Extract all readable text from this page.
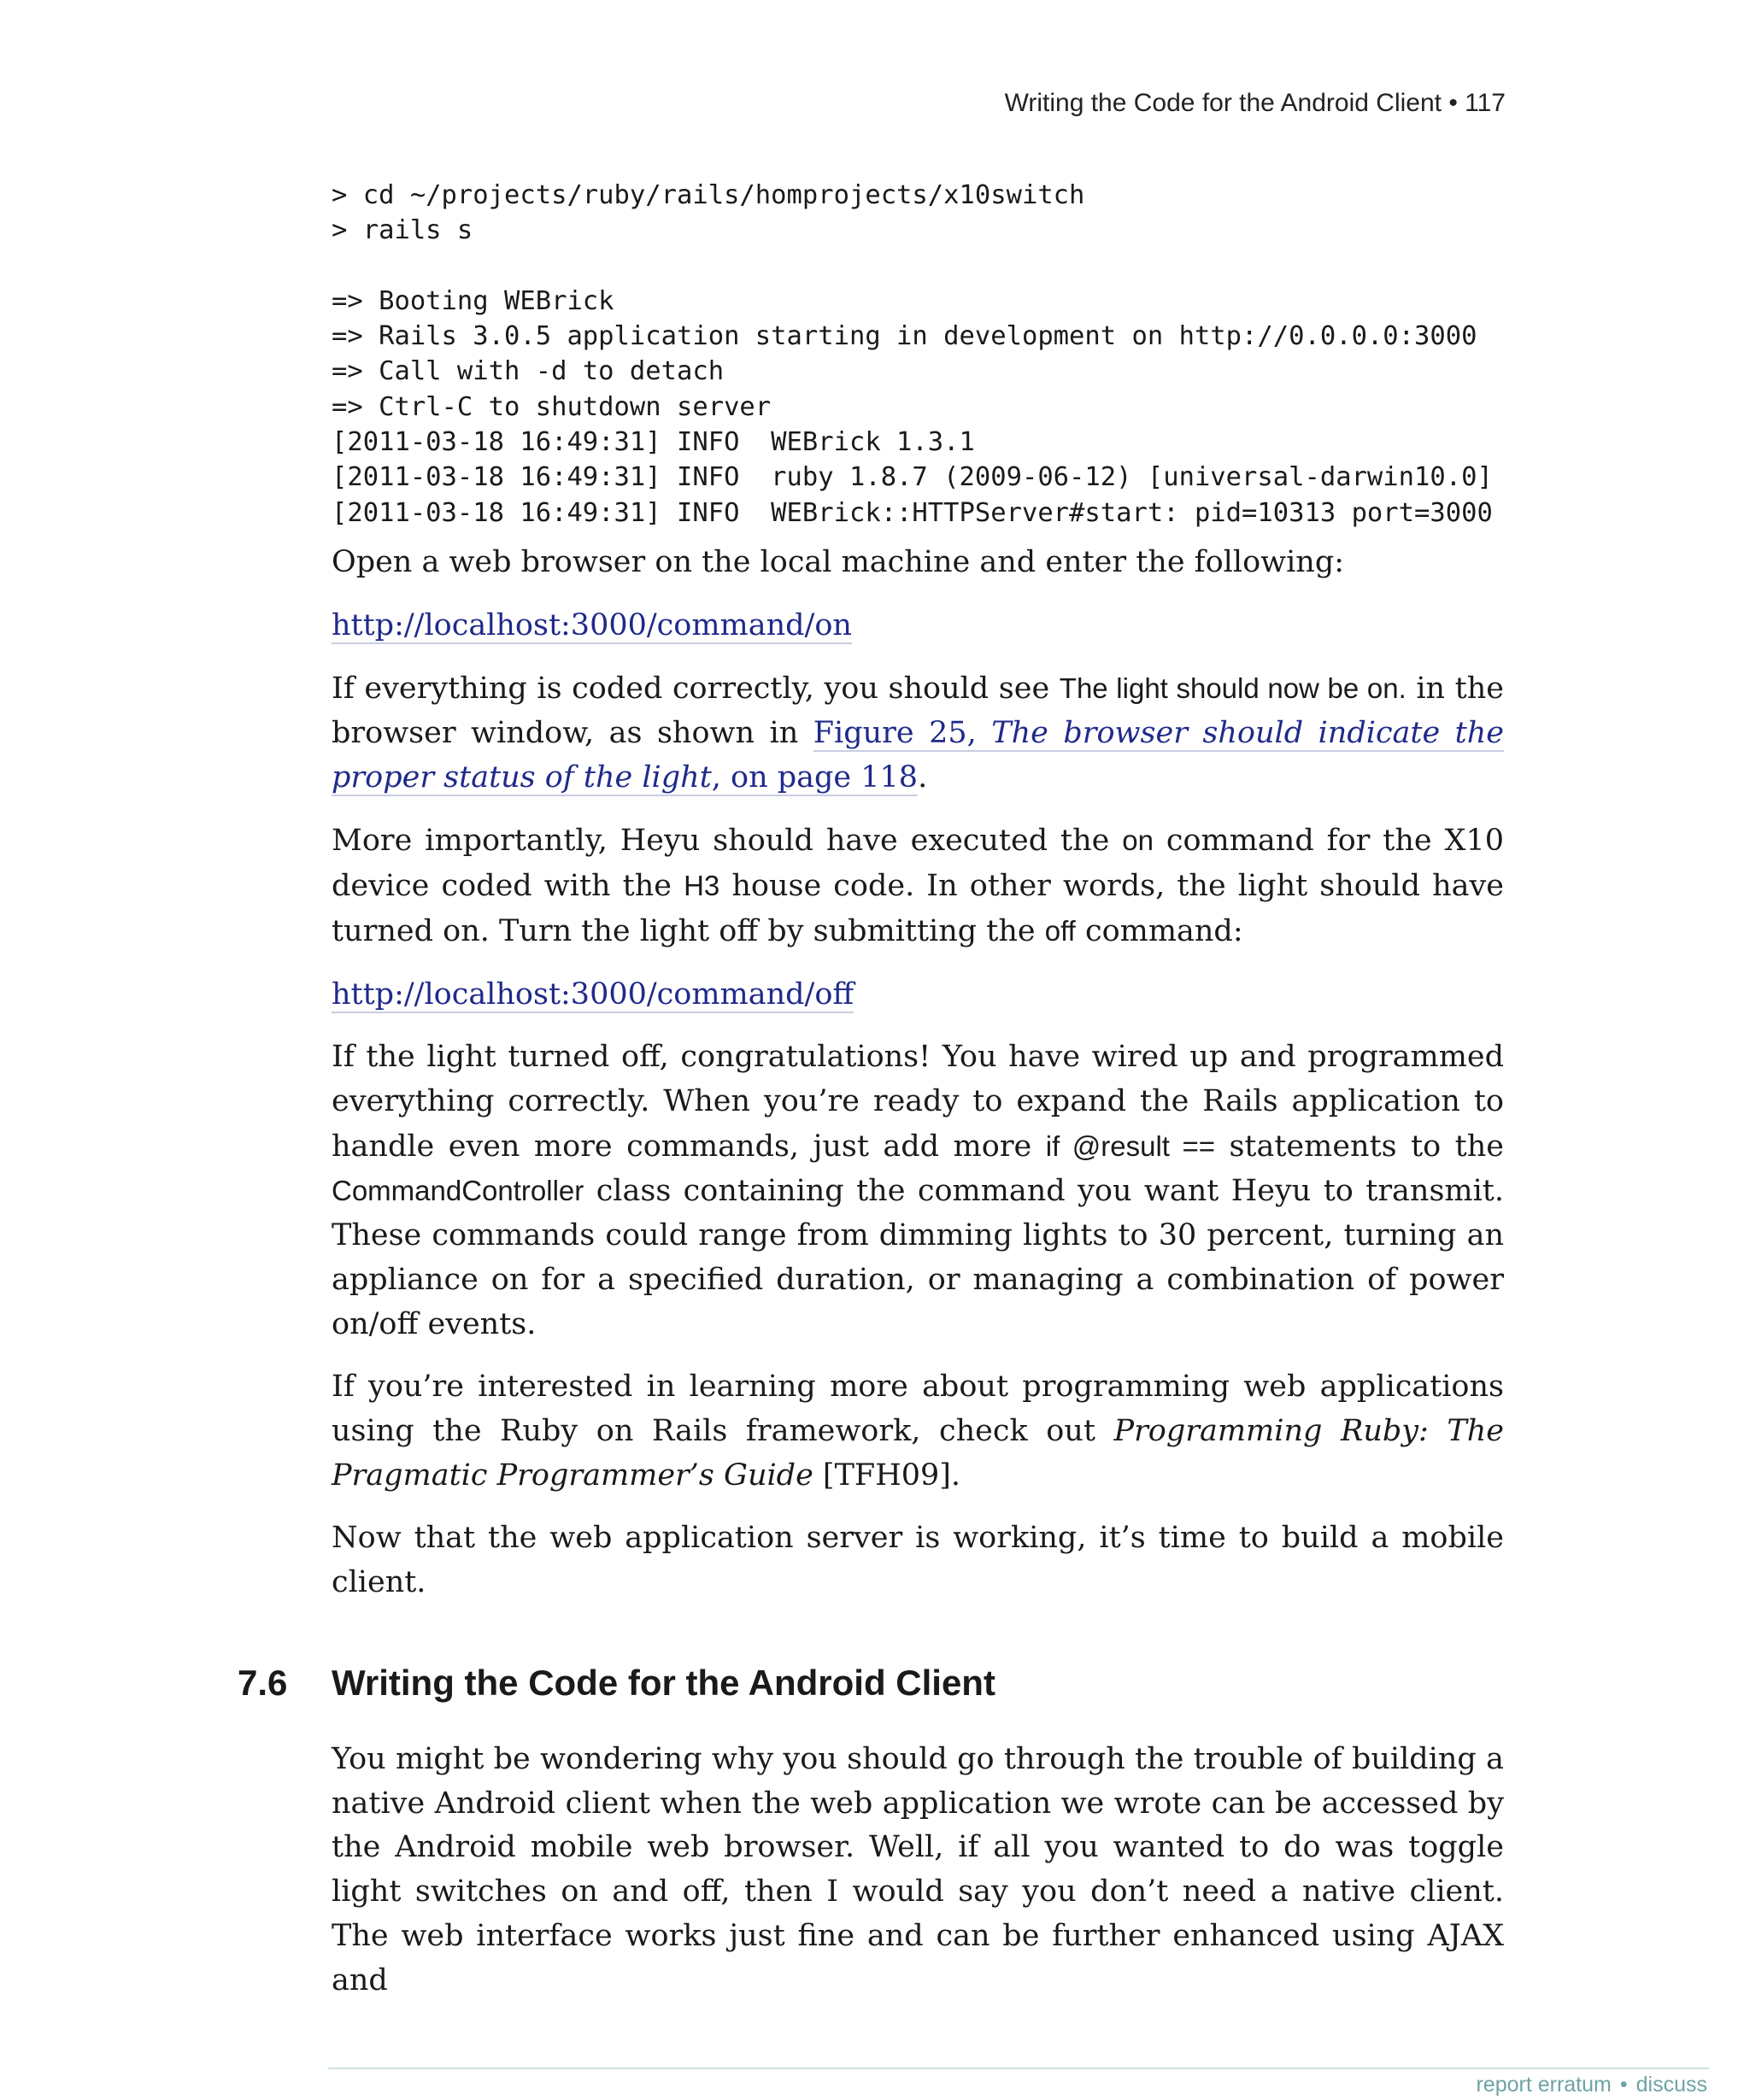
Writing the Code for the Android Client • 117
> cd ~/projects/ruby/rails/homprojects/x10switch
> rails s

=> Booting WEBrick
=> Rails 3.0.5 application starting in development on http://0.0.0.0:3000
=> Call with -d to detach
=> Ctrl-C to shutdown server
[2011-03-18 16:49:31] INFO  WEBrick 1.3.1
[2011-03-18 16:49:31] INFO  ruby 1.8.7 (2009-06-12) [universal-darwin10.0]
[2011-03-18 16:49:31] INFO  WEBrick::HTTPServer#start: pid=10313 port=3000

Open a web browser on the local machine and enter the following:

http://localhost:3000/command/on

If everything is coded correctly, you should see The light should now be on. in the browser window, as shown in Figure 25, The browser should indicate the proper status of the light, on page 118.

More importantly, Heyu should have executed the on command for the X10 device coded with the H3 house code. In other words, the light should have turned on. Turn the light off by submitting the off command:

http://localhost:3000/command/off

If the light turned off, congratulations! You have wired up and programmed everything correctly. When you’re ready to expand the Rails application to handle even more commands, just add more if @result == statements to the CommandController class containing the command you want Heyu to transmit. These commands could range from dimming lights to 30 percent, turning an appliance on for a specified duration, or managing a combination of power on/off events.

If you’re interested in learning more about programming web applications using the Ruby on Rails framework, check out Programming Ruby: The Pragmatic Programmer’s Guide [TFH09].

Now that the web application server is working, it’s time to build a mobile client.

7.6 Writing the Code for the Android Client

You might be wondering why you should go through the trouble of building a native Android client when the web application we wrote can be accessed by the Android mobile web browser. Well, if all you wanted to do was toggle light switches on and off, then I would say you don’t need a native client. The web interface works just fine and can be further enhanced using AJAX and

report erratum • discuss
